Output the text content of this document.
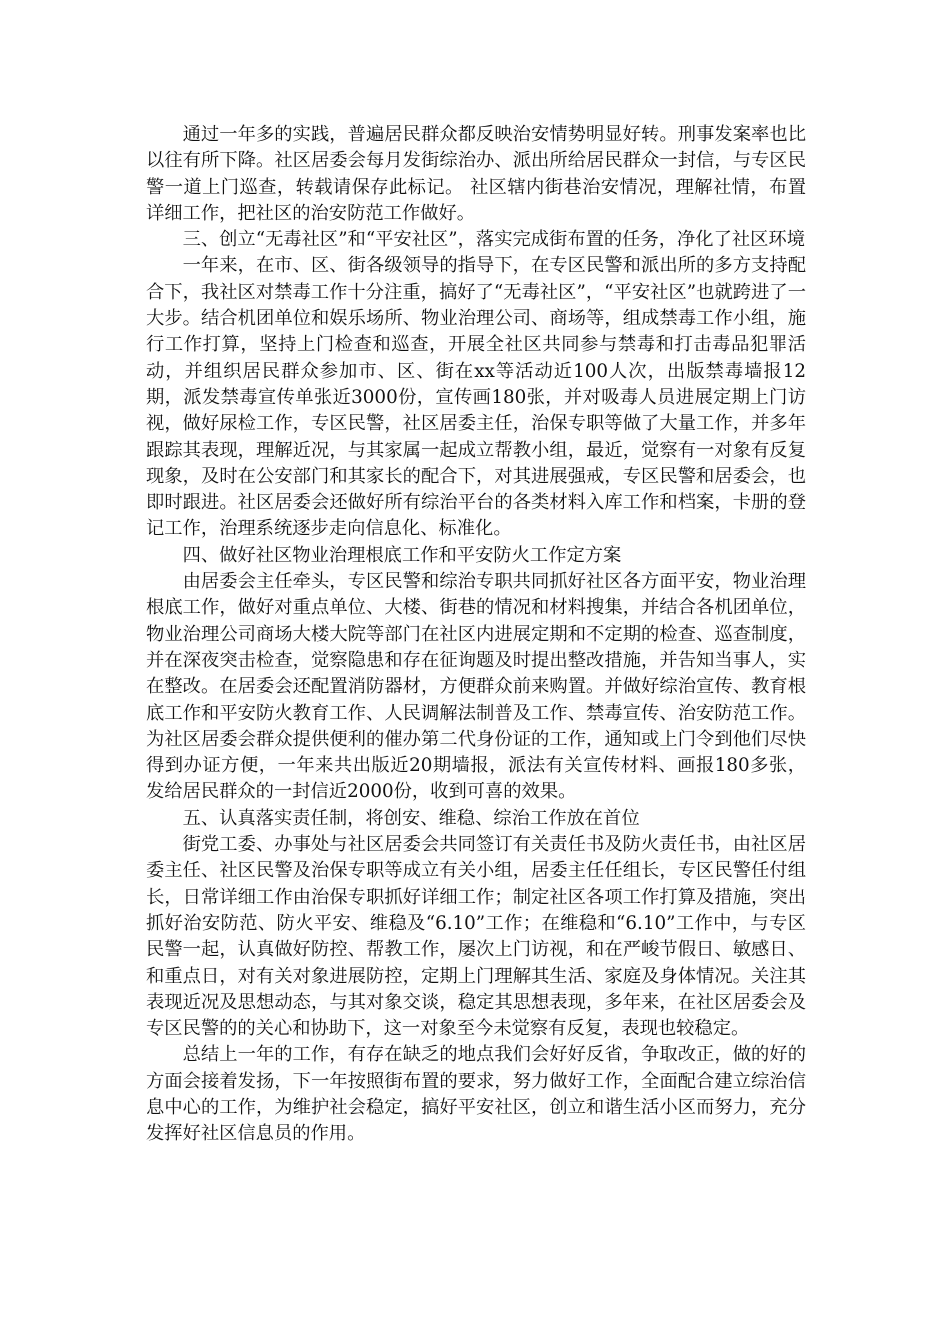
通过一年多的实践，普遍居民群众都反映治安情势明显好转。刑事发案率也比以往有所下降。社区居委会每月发街综治办、派出所给居民群众一封信，与专区民警一道上门巡查，转载请保存此标记。 社区辖内街巷治安情况，理解社情，布置详细工作，把社区的治安防范工作做好。

三、创立“无毒社区”和“平安社区”，落实完成街布置的任务，净化了社区环境

一年来，在市、区、街各级领导的指导下，在专区民警和派出所的多方支持配合下，我社区对禁毒工作十分注重，搞好了“无毒社区”，“平安社区”也就跨进了一大步。结合机团单位和娱乐场所、物业治理公司、商场等，组成禁毒工作小组，施行工作打算，坚持上门检查和巡查，开展全社区共同参与禁毒和打击毒品犯罪活动，并组织居民群众参加市、区、街在xx等活动近100人次，出版禁毒墙报12期，派发禁毒宣传单张近3000份，宣传画180张，并对吸毒人员进展定期上门访视，做好尿检工作，专区民警，社区居委主任，治保专职等做了大量工作，并多年跟踪其表现，理解近况，与其家属一起成立帮教小组，最近，觉察有一对象有反复现象，及时在公安部门和其家长的配合下，对其进展强戒，专区民警和居委会，也即时跟进。社区居委会还做好所有综治平台的各类材料入库工作和档案，卡册的登记工作，治理系统逐步走向信息化、标准化。

四、做好社区物业治理根底工作和平安防火工作定方案

由居委会主任牵头，专区民警和综治专职共同抓好社区各方面平安，物业治理根底工作，做好对重点单位、大楼、街巷的情况和材料搜集，并结合各机团单位，物业治理公司商场大楼大院等部门在社区内进展定期和不定期的检查、巡查制度，并在深夜突击检查，觉察隐患和存在征询题及时提出整改措施，并告知当事人，实在整改。在居委会还配置消防器材，方便群众前来购置。并做好综治宣传、教育根底工作和平安防火教育工作、人民调解法制普及工作、禁毒宣传、治安防范工作。为社区居委会群众提供便利的催办第二代身份证的工作，通知或上门令到他们尽快得到办证方便，一年来共出版近20期墙报，派法有关宣传材料、画报180多张，发给居民群众的一封信近2000份，收到可喜的效果。

五、认真落实责任制，将创安、维稳、综治工作放在首位

街党工委、办事处与社区居委会共同签订有关责任书及防火责任书，由社区居委主任、社区民警及治保专职等成立有关小组，居委主任任组长，专区民警任付组长，日常详细工作由治保专职抓好详细工作；制定社区各项工作打算及措施，突出抓好治安防范、防火平安、维稳及“6.10”工作；在维稳和“6.10”工作中，与专区民警一起，认真做好防控、帮教工作，屡次上门访视，和在严峻节假日、敏感日、和重点日，对有关对象进展防控，定期上门理解其生活、家庭及身体情况。关注其表现近况及思想动态，与其对象交谈，稳定其思想表现，多年来，在社区居委会及专区民警的的关心和协助下，这一对象至今未觉察有反复，表现也较稳定。

总结上一年的工作，有存在缺乏的地点我们会好好反省，争取改正，做的好的方面会接着发扬，下一年按照街布置的要求，努力做好工作，全面配合建立综治信息中心的工作，为维护社会稳定，搞好平安社区，创立和谐生活小区而努力，充分发挥好社区信息员的作用。
